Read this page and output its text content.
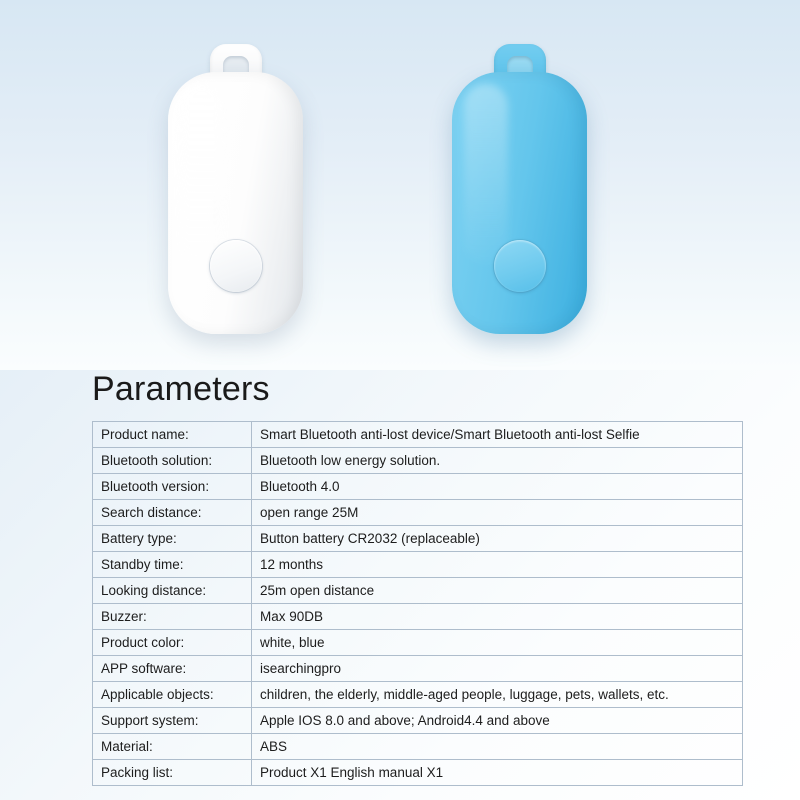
Parameters
Product name:	Smart Bluetooth anti-lost device/Smart Bluetooth anti-lost Selfie
Bluetooth solution:	Bluetooth low energy solution.
Bluetooth version:	Bluetooth 4.0
Search distance:	open range 25M
Battery type:	Button battery CR2032 (replaceable)
Standby time:	12 months
Looking distance:	25m open distance
Buzzer:	Max 90DB
Product color:	white, blue
APP software:	isearchingpro
Applicable objects:	children, the elderly, middle-aged people, luggage, pets, wallets, etc.
Support system:	Apple IOS 8.0 and above; Android4.4 and above
Material:	ABS
Packing list:	Product X1 English manual X1
